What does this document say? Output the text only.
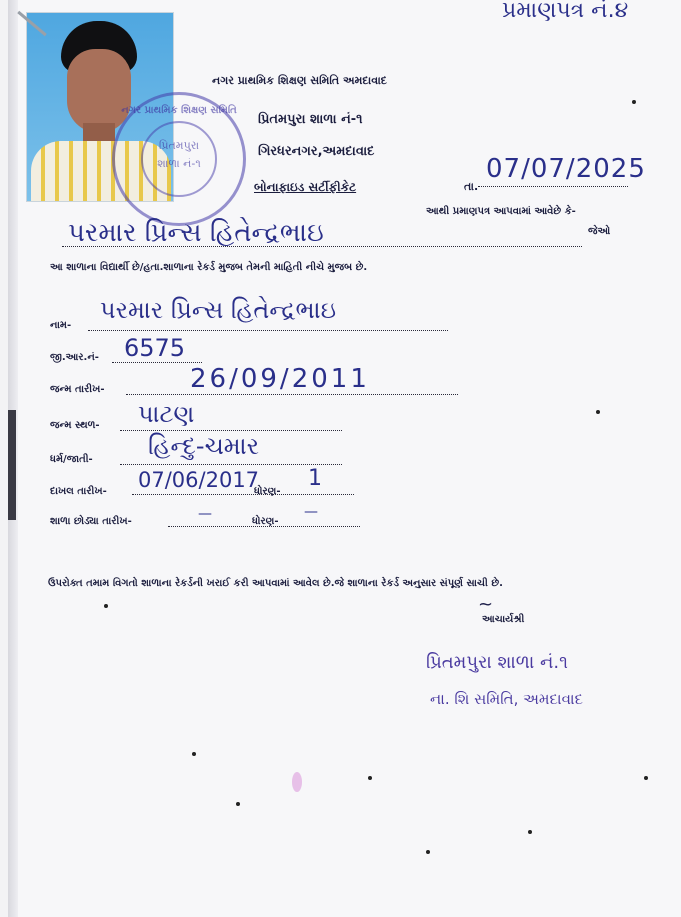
પ્રમાણપત્ર નં.૪
નગર પ્રાથમિક શિક્ષણ સમિતિ
પ્રિતમપુરા
શાળા નં-૧
નગર પ્રાથમિક શિક્ષણ સમિતિ અમદાવાદ
પ્રિતમપુરા શાળા નં-૧
ગિરધરનગર,અમદાવાદ
બોનાફાઇડ સર્ટીફીકેટ	તા.
07/07/2025
આથી પ્રમાણપત્ર આપવામાં આવેછે કે-
પરમાર પ્રિન્સ હિતેન્દ્રભાઇ	જેઓ
આ શાળાના વિદ્યાર્થી છે/હતા.શાળાના રેકર્ડ મુજબ તેમની માહિતી નીચે મુજબ છે.
નામ-
પરમાર પ્રિન્સ હિતેન્દ્રભાઇ
જી.આર.નં- 6575
જન્મ તારીખ-	26/09/2011
જન્મ સ્થળ- પાટણ
ધર્મ/જાતી- હિન્દુ-ચમાર
દાખલ તારીખ- 07/06/2017
ધોરણ-
1
શાળા છોડ્યા તારીખ-	—	ધોરણ-
—
ઉપરોક્ત તમામ વિગતો શાળાના રેકર્ડની ખરાઈ કરી આપવામાં આવેલ છે.જે શાળાના રેકર્ડ અનુસાર સંપૂર્ણ સાચી છે.
~
આચાર્યશ્રી
પ્રિતમપુરા શાળા નં.૧
ના. શિ સમિતિ, અમદાવાદ
